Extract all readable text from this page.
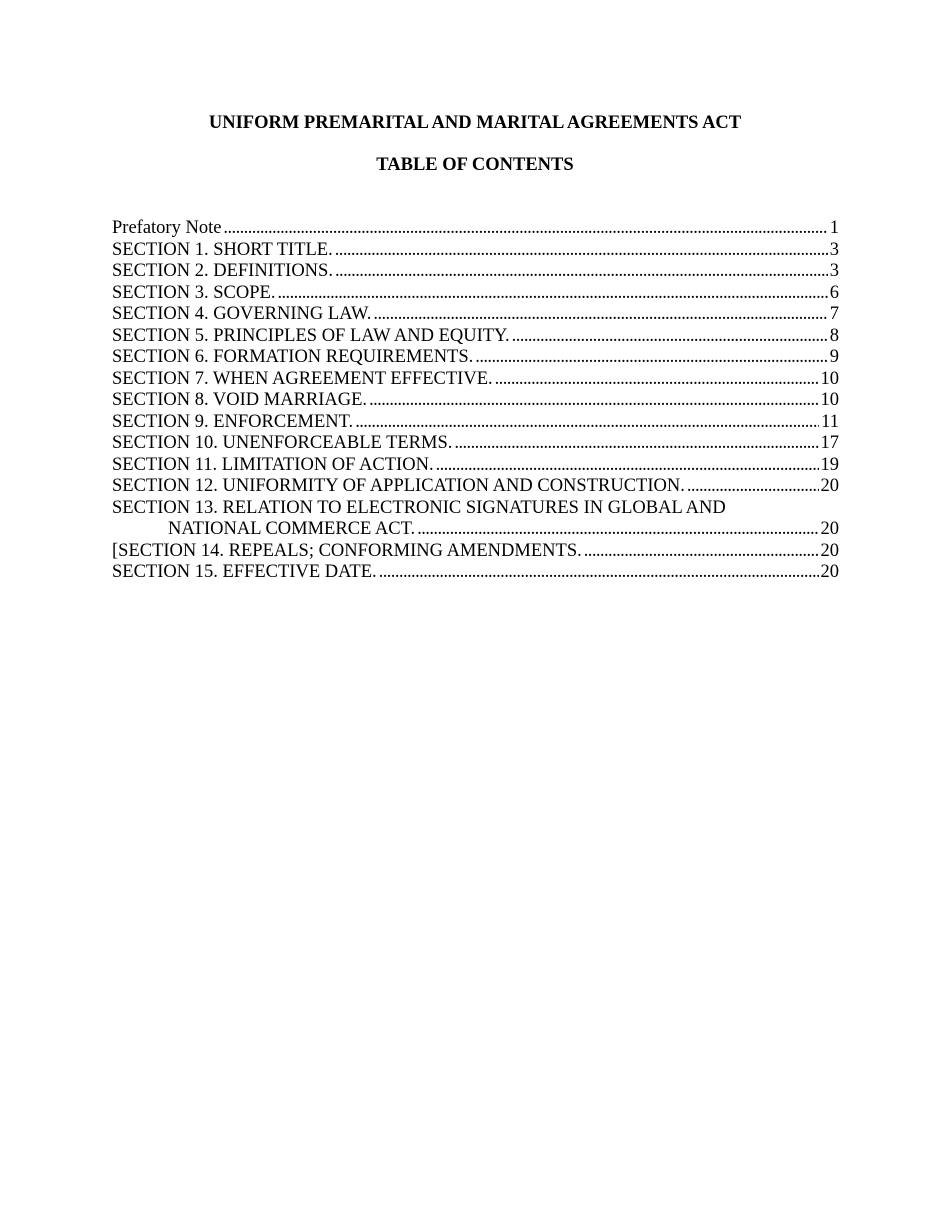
UNIFORM PREMARITAL AND MARITAL AGREEMENTS ACT
TABLE OF CONTENTS
Prefatory Note . . .	1
SECTION 1. SHORT TITLE. . . .	3
SECTION 2. DEFINITIONS. . . .	3
SECTION 3. SCOPE. . . .	6
SECTION 4. GOVERNING LAW. . . .	7
SECTION 5. PRINCIPLES OF LAW AND EQUITY. . . .	8
SECTION 6. FORMATION REQUIREMENTS. . . .	9
SECTION 7. WHEN AGREEMENT EFFECTIVE. . . .	10
SECTION 8. VOID MARRIAGE. . . .	10
SECTION 9. ENFORCEMENT. . . .	11
SECTION 10. UNENFORCEABLE TERMS. . . .	17
SECTION 11. LIMITATION OF ACTION. . . .	19
SECTION 12. UNIFORMITY OF APPLICATION AND CONSTRUCTION. . . .	20
SECTION 13. RELATION TO ELECTRONIC SIGNATURES IN GLOBAL AND
NATIONAL COMMERCE ACT. . . .	20
[SECTION 14. REPEALS; CONFORMING AMENDMENTS. . . .	20
SECTION 15. EFFECTIVE DATE. . . .	20
